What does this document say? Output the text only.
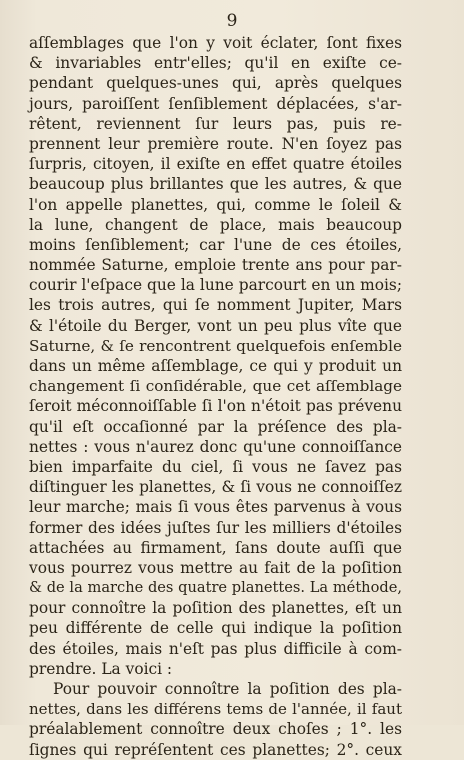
9
aſſemblages que l'on y voit éclater, ſont fixes
& invariables entr'elles; qu'il en exiſte ce-
pendant quelques-unes qui, après quelques
jours, paroiſſent ſenſiblement déplacées, s'ar-
rêtent, reviennent ſur leurs pas, puis re-
prennent leur première route. N'en ſoyez pas
ſurpris, citoyen, il exiſte en effet quatre étoiles
beaucoup plus brillantes que les autres, & que
l'on appelle planettes, qui, comme le ſoleil &
la lune, changent de place, mais beaucoup
moins ſenſiblement; car l'une de ces étoiles,
nommée Saturne, emploie trente ans pour par-
courir l'eſpace que la lune parcourt en un mois;
les trois autres, qui ſe nomment Jupiter, Mars
& l'étoile du Berger, vont un peu plus vîte que
Saturne, & ſe rencontrent quelquefois enſemble
dans un même aſſemblage, ce qui y produit un
changement ſi conſidérable, que cet aſſemblage
ſeroit méconnoiſſable ſi l'on n'étoit pas prévenu
qu'il eſt occaſionné par la préſence des pla-
nettes : vous n'aurez donc qu'une connoiſſance
bien imparfaite du ciel, ſi vous ne ſavez pas
diſtinguer les planettes, & ſi vous ne connoiſſez
leur marche; mais ſi vous êtes parvenus à vous
former des idées juſtes ſur les milliers d'étoiles
attachées au firmament, ſans doute auſſi que
vous pourrez vous mettre au fait de la poſition
& de la marche des quatre planettes. La méthode,
pour connoître la poſition des planettes, eſt un
peu différente de celle qui indique la poſition
des étoiles, mais n'eſt pas plus difficile à com-
prendre. La voici :
Pour pouvoir connoître la poſition des pla-
nettes, dans les différens tems de l'année, il faut
préalablement connoître deux choſes ; 1°. les
ſignes qui repréſentent ces planettes; 2°. ceux
